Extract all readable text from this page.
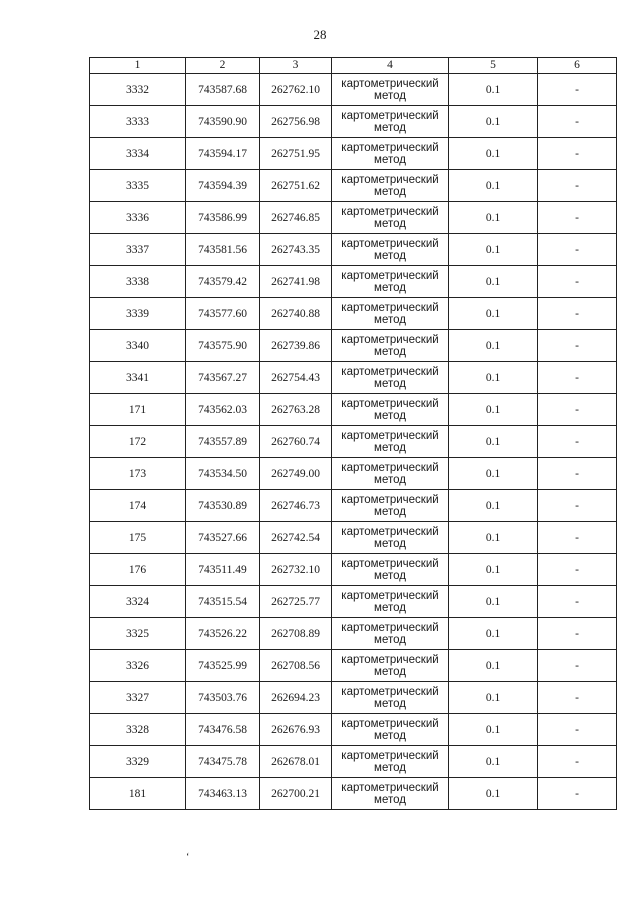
28
1	2	3	4	5	6
3332	743587.68	262762.10	картометрический метод	0.1	-
3333	743590.90	262756.98	картометрический метод	0.1	-
3334	743594.17	262751.95	картометрический метод	0.1	-
3335	743594.39	262751.62	картометрический метод	0.1	-
3336	743586.99	262746.85	картометрический метод	0.1	-
3337	743581.56	262743.35	картометрический метод	0.1	-
3338	743579.42	262741.98	картометрический метод	0.1	-
3339	743577.60	262740.88	картометрический метод	0.1	-
3340	743575.90	262739.86	картометрический метод	0.1	-
3341	743567.27	262754.43	картометрический метод	0.1	-
171	743562.03	262763.28	картометрический метод	0.1	-
172	743557.89	262760.74	картометрический метод	0.1	-
173	743534.50	262749.00	картометрический метод	0.1	-
174	743530.89	262746.73	картометрический метод	0.1	-
175	743527.66	262742.54	картометрический метод	0.1	-
176	743511.49	262732.10	картометрический метод	0.1	-
3324	743515.54	262725.77	картометрический метод	0.1	-
3325	743526.22	262708.89	картометрический метод	0.1	-
3326	743525.99	262708.56	картометрический метод	0.1	-
3327	743503.76	262694.23	картометрический метод	0.1	-
3328	743476.58	262676.93	картометрический метод	0.1	-
3329	743475.78	262678.01	картометрический метод	0.1	-
181	743463.13	262700.21	картометрический метод	0.1	-
‘
